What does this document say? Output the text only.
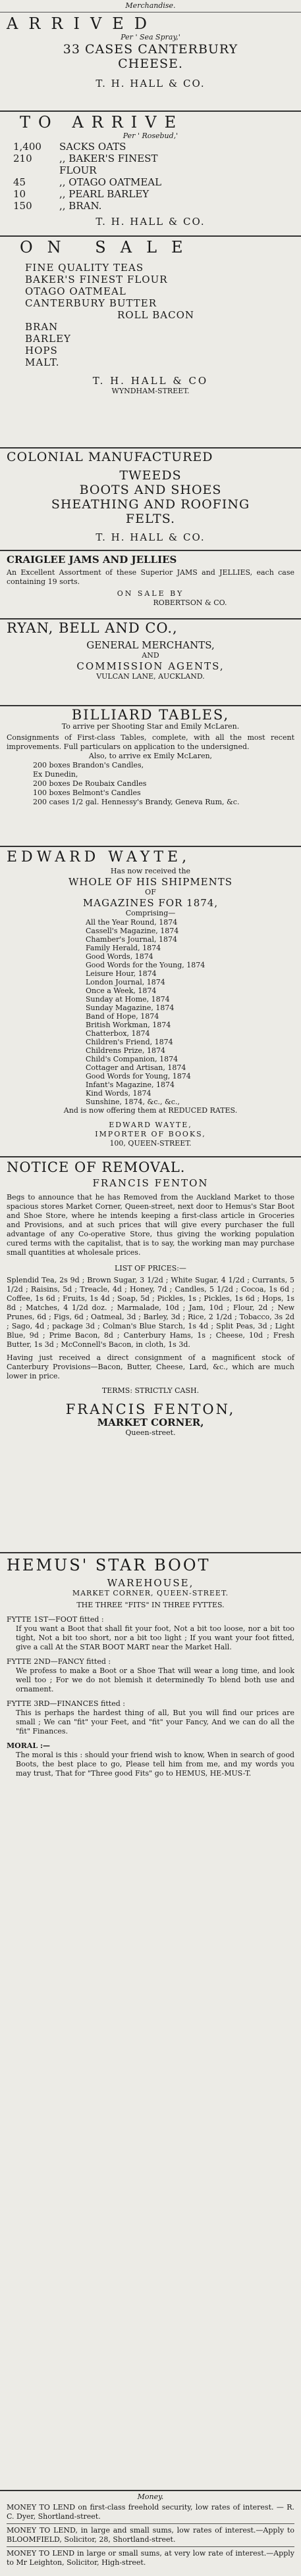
Merchandise.
ARRIVED
Per ' Sea Spray,'
33 CASES CANTERBURY
CHEESE.
T. H. HALL & CO.
TO ARRIVE
Per ' Rosebud,'
1,400	SACKS OATS
210	,, BAKER'S FINEST
FLOUR
45	,, OTAGO OATMEAL
10	,, PEARL BARLEY
150	,, BRAN.
T. H. HALL & CO.
ON SALE
FINE QUALITY TEAS
BAKER'S FINEST FLOUR
OTAGO OATMEAL
CANTERBURY BUTTER
ROLL BACON
BRAN
BARLEY
HOPS
MALT.
T. H. HALL & CO
WYNDHAM-STREET.
COLONIAL MANUFACTURED
TWEEDS
BOOTS AND SHOES
SHEATHING AND ROOFING
FELTS.
T. H. HALL & CO.
CRAIGLEE JAMS AND JELLIES

An Excellent Assortment of these Superior JAMS and JELLIES, each case containing 19 sorts.

ON SALE BY
ROBERTSON & CO.
RYAN, BELL AND CO.,
GENERAL MERCHANTS,
AND
COMMISSION AGENTS,
VULCAN LANE, AUCKLAND.
BILLIARD TABLES,
To arrive per Shooting Star and Emily McLaren.

Consignments of First-class Tables, complete, with all the most recent improvements. Full particulars on application to the undersigned.

Also, to arrive ex Emily McLaren,
200 boxes Brandon's Candles,
Ex Dunedin,
200 boxes De Roubaix Candles
100 boxes Belmont's Candles
200 cases 1/2 gal. Hennessy's Brandy, Geneva Rum, &c.
EDWARD WAYTE,
Has now received the
WHOLE OF HIS SHIPMENTS
OF
MAGAZINES FOR 1874,
Comprising—
All the Year Round, 1874
Cassell's Magazine, 1874
Chamber's Journal, 1874
Family Herald, 1874
Good Words, 1874
Good Words for the Young, 1874
Leisure Hour, 1874
London Journal, 1874
Once a Week, 1874
Sunday at Home, 1874
Sunday Magazine, 1874
Band of Hope, 1874
British Workman, 1874
Chatterbox, 1874
Children's Friend, 1874
Childrens Prize, 1874
Child's Companion, 1874
Cottager and Artisan, 1874
Good Words for Young, 1874
Infant's Magazine, 1874
Kind Words, 1874
Sunshine, 1874, &c., &c.,
And is now offering them at REDUCED RATES.
EDWARD WAYTE,
IMPORTER OF BOOKS,
100, QUEEN-STREET.
NOTICE OF REMOVAL.
FRANCIS FENTON

Begs to announce that he has Removed from the Auckland Market to those spacious stores Market Corner, Queen-street, next door to Hemus's Star Boot and Shoe Store, where he intends keeping a first-class article in Groceries and Provisions, and at such prices that will give every purchaser the full advantage of any Co-operative Store, thus giving the working population cured terms with the capitalist, that is to say, the working man may purchase small quantities at wholesale prices.

LIST OF PRICES:—

Splendid Tea, 2s 9d ; Brown Sugar, 3 1/2d ; White Sugar, 4 1/2d ; Currants, 5 1/2d ; Raisins, 5d ; Treacle, 4d ; Honey, 7d ; Candles, 5 1/2d ; Cocoa, 1s 6d ; Coffee, 1s 6d ; Fruits, 1s 4d ; Soap, 5d ; Pickles, 1s ; Pickles, 1s 6d ; Hops, 1s 8d ; Matches, 4 1/2d doz. ; Marmalade, 10d ; Jam, 10d ; Flour, 2d ; New Prunes, 6d ; Figs, 6d ; Oatmeal, 3d ; Barley, 3d ; Rice, 2 1/2d ; Tobacco, 3s 2d ; Sago, 4d ; package 3d ; Colman's Blue Starch, 1s 4d ; Split Peas, 3d ; Light Blue, 9d ; Prime Bacon, 8d ; Canterbury Hams, 1s ; Cheese, 10d ; Fresh Butter, 1s 3d ; McConnell's Bacon, in cloth, 1s 3d.

Having just received a direct consignment of a magnificent stock of Canterbury Provisions—Bacon, Butter, Cheese, Lard, &c., which are much lower in price.

TERMS: STRICTLY CASH.
FRANCIS FENTON,
MARKET CORNER,
Queen-street.
HEMUS' STAR BOOT
WAREHOUSE,
MARKET CORNER, QUEEN-STREET.
THE THREE "FITS" IN THREE FYTTES.
FYTTE 1ST—FOOT fitted :

If you want a Boot that shall fit your foot, Not a bit too loose, nor a bit too tight, Not a bit too short, nor a bit too light ; If you want your foot fitted, give a call At the STAR BOOT MART near the Market Hall.

FYTTE 2ND—FANCY fitted :

We profess to make a Boot or a Shoe That will wear a long time, and look well too ; For we do not blemish it determinedly To blend both use and ornament.

FYTTE 3RD—FINANCES fitted :

This is perhaps the hardest thing of all, But you will find our prices are small ; We can "fit" your Feet, and "fit" your Fancy, And we can do all the "fit" Finances.

MORAL :—

The moral is this : should your friend wish to know, When in search of good Boots, the best place to go, Please tell him from me, and my words you may trust, That for "Three good Fits" go to HEMUS, HE-MUS-T.

Money.

MONEY TO LEND on first-class freehold security, low rates of interest. — R. C. Dyer, Shortland-street.

MONEY TO LEND, in large and small sums, low rates of interest.—Apply to BLOOMFIELD, Solicitor, 28, Shortland-street.

MONEY TO LEND in large or small sums, at very low rate of interest.—Apply to Mr Leighton, Solicitor, High-street.
